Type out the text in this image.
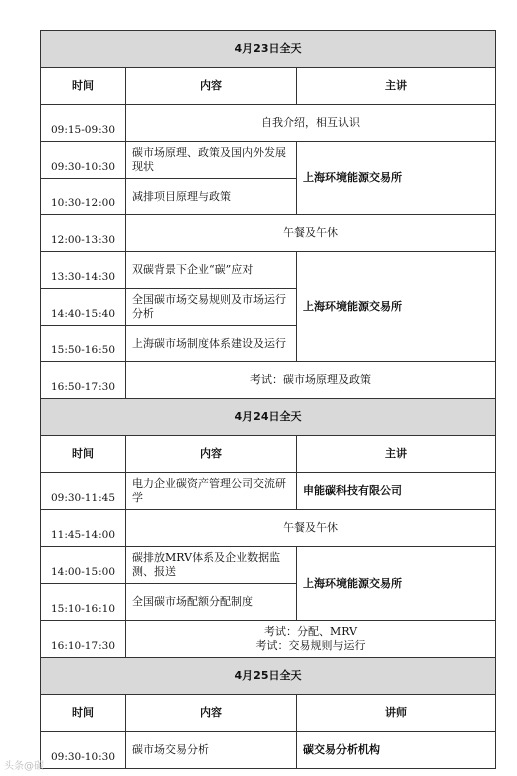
4月23日全天		
时间	内容	主讲
09:15-09:30	自我介绍，相互认识	
09:30-10:30	碳市场原理、政策及国内外发展现状	上海环境能源交易所
10:30-12:00	减排项目原理与政策	
12:00-13:30	午餐及午休	
13:30-14:30	双碳背景下企业“碳”应对	上海环境能源交易所
14:40-15:40	全国碳市场交易规则及市场运行分析	
15:50-16:50	上海碳市场制度体系建设及运行	
16:50-17:30	考试：碳市场原理及政策	
4月24日全天		
时间	内容	主讲
09:30-11:45	电力企业碳资产管理公司交流研学	申能碳科技有限公司
11:45-14:00	午餐及午休	
14:00-15:00	碳排放MRV体系及企业数据监测、报送	上海环境能源交易所
15:10-16:10	全国碳市场配额分配制度	
16:10-17:30	考试：分配、MRV
考试：交易规则与运行	

4月25日全天		
时间	内容	讲师
09:30-10:30	碳市场交易分析	碳交易分析机构
头条@碳
